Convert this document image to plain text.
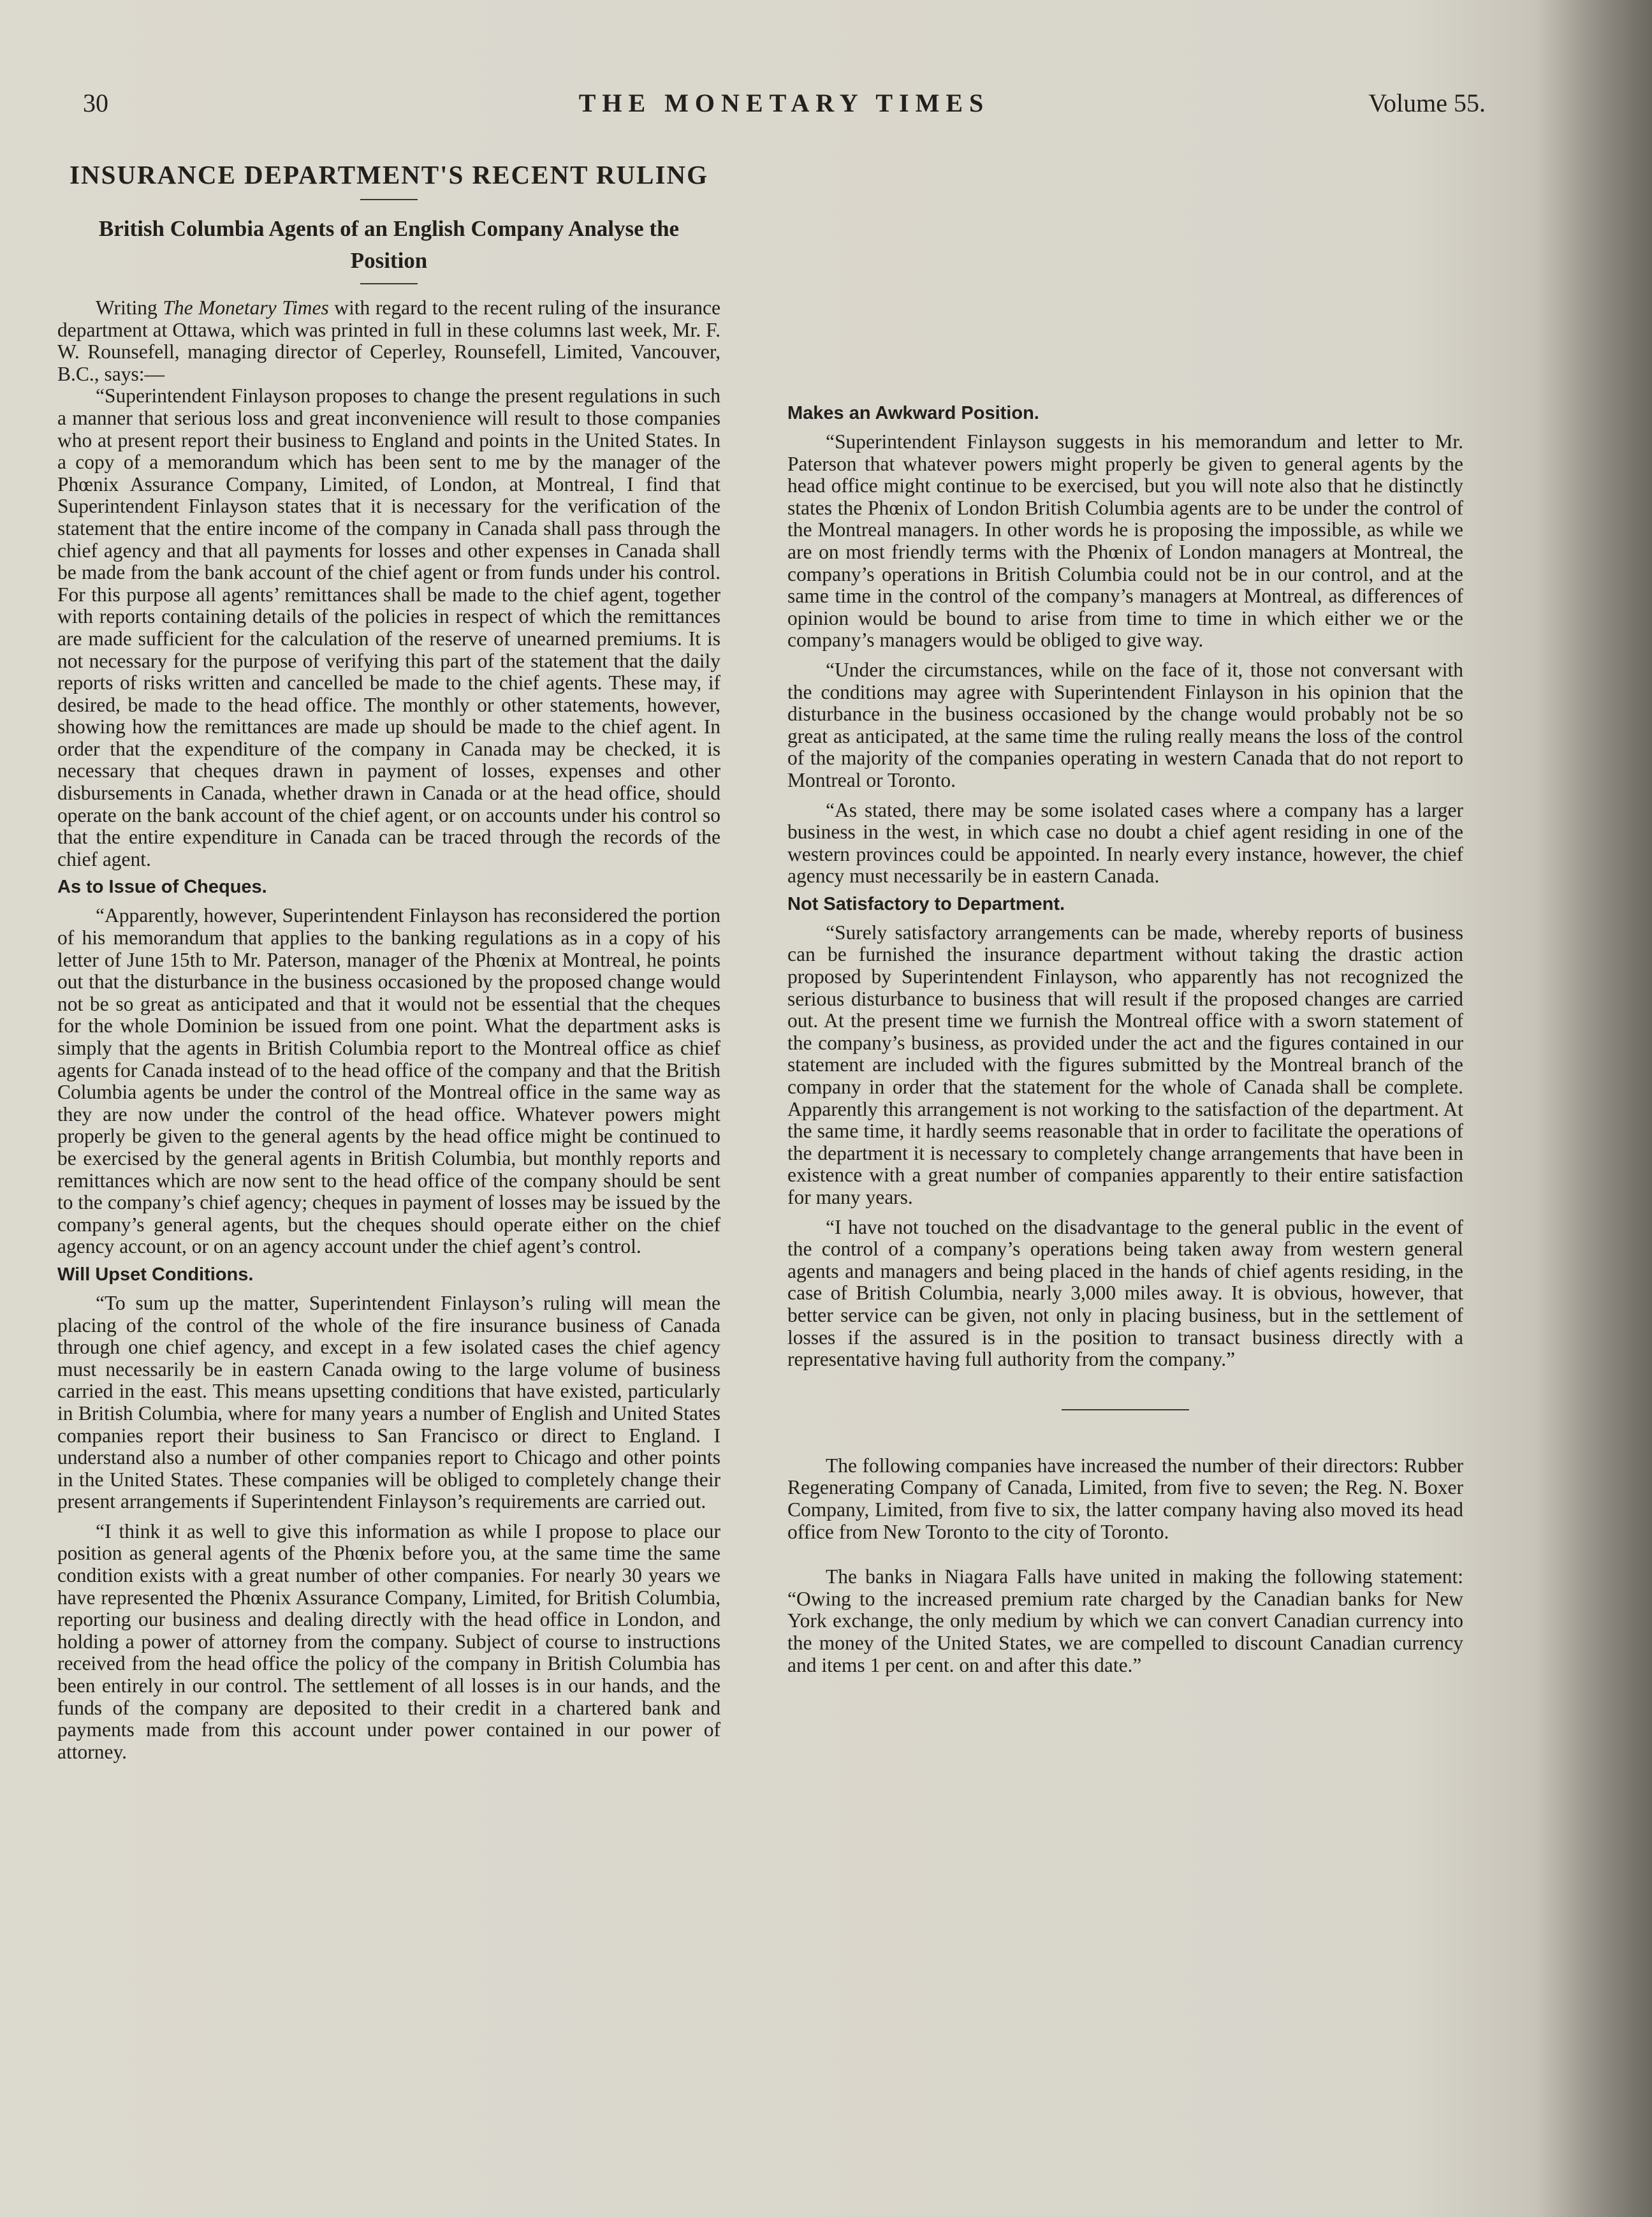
30	THE MONETARY TIMES	Volume 55.
INSURANCE DEPARTMENT'S RECENT RULING
British Columbia Agents of an English Company Analyse the Position

Writing The Monetary Times with regard to the recent ruling of the insurance department at Ottawa, which was printed in full in these columns last week, Mr. F. W. Rounsefell, managing director of Ceperley, Rounsefell, Limited, Vancouver, B.C., says:—

“Superintendent Finlayson proposes to change the present regulations in such a manner that serious loss and great inconvenience will result to those companies who at present report their business to England and points in the United States. In a copy of a memorandum which has been sent to me by the manager of the Phœnix Assurance Company, Limited, of London, at Montreal, I find that Superintendent Finlayson states that it is necessary for the verification of the statement that the entire income of the company in Canada shall pass through the chief agency and that all payments for losses and other expenses in Canada shall be made from the bank account of the chief agent or from funds under his control. For this purpose all agents’ remittances shall be made to the chief agent, together with reports containing details of the policies in respect of which the remittances are made sufficient for the calculation of the reserve of unearned premiums. It is not necessary for the purpose of verifying this part of the statement that the daily reports of risks written and cancelled be made to the chief agents. These may, if desired, be made to the head office. The monthly or other statements, however, showing how the remittances are made up should be made to the chief agent. In order that the expenditure of the company in Canada may be checked, it is necessary that cheques drawn in payment of losses, expenses and other disbursements in Canada, whether drawn in Canada or at the head office, should operate on the bank account of the chief agent, or on accounts under his control so that the entire expenditure in Canada can be traced through the records of the chief agent.

As to Issue of Cheques.

“Apparently, however, Superintendent Finlayson has reconsidered the portion of his memorandum that applies to the banking regulations as in a copy of his letter of June 15th to Mr. Paterson, manager of the Phœnix at Montreal, he points out that the disturbance in the business occasioned by the proposed change would not be so great as anticipated and that it would not be essential that the cheques for the whole Dominion be issued from one point. What the department asks is simply that the agents in British Columbia report to the Montreal office as chief agents for Canada instead of to the head office of the company and that the British Columbia agents be under the control of the Montreal office in the same way as they are now under the control of the head office. Whatever powers might properly be given to the general agents by the head office might be continued to be exercised by the general agents in British Columbia, but monthly reports and remittances which are now sent to the head office of the company should be sent to the company’s chief agency; cheques in payment of losses may be issued by the company’s general agents, but the cheques should operate either on the chief agency account, or on an agency account under the chief agent’s control.

Will Upset Conditions.

“To sum up the matter, Superintendent Finlayson’s ruling will mean the placing of the control of the whole of the fire insurance business of Canada through one chief agency, and except in a few isolated cases the chief agency must necessarily be in eastern Canada owing to the large volume of business carried in the east. This means upsetting conditions that have existed, particularly in British Columbia, where for many years a number of English and United States companies report their business to San Francisco or direct to England. I understand also a number of other companies report to Chicago and other points in the United States. These companies will be obliged to completely change their present arrangements if Superintendent Finlayson’s requirements are carried out.

“I think it as well to give this information as while I propose to place our position as general agents of the Phœnix before you, at the same time the same condition exists with a great number of other companies. For nearly 30 years we have represented the Phœnix Assurance Company, Limited, for British Columbia, reporting our business and dealing directly with the head office in London, and holding a power of attorney from the company. Subject of course to instructions received from the head office the policy of the company in British Columbia has been entirely in our control. The settlement of all losses is in our hands, and the funds of the company are deposited to their credit in a chartered bank and payments made from this account under power contained in our power of attorney.

Makes an Awkward Position.

“Superintendent Finlayson suggests in his memorandum and letter to Mr. Paterson that whatever powers might properly be given to general agents by the head office might continue to be exercised, but you will note also that he distinctly states the Phœnix of London British Columbia agents are to be under the control of the Montreal managers. In other words he is proposing the impossible, as while we are on most friendly terms with the Phœnix of London managers at Montreal, the company’s operations in British Columbia could not be in our control, and at the same time in the control of the company’s managers at Montreal, as differences of opinion would be bound to arise from time to time in which either we or the company’s managers would be obliged to give way.

“Under the circumstances, while on the face of it, those not conversant with the conditions may agree with Superintendent Finlayson in his opinion that the disturbance in the business occasioned by the change would probably not be so great as anticipated, at the same time the ruling really means the loss of the control of the majority of the companies operating in western Canada that do not report to Montreal or Toronto.

“As stated, there may be some isolated cases where a company has a larger business in the west, in which case no doubt a chief agent residing in one of the western provinces could be appointed. In nearly every instance, however, the chief agency must necessarily be in eastern Canada.

Not Satisfactory to Department.

“Surely satisfactory arrangements can be made, whereby reports of business can be furnished the insurance department without taking the drastic action proposed by Superintendent Finlayson, who apparently has not recognized the serious disturbance to business that will result if the proposed changes are carried out. At the present time we furnish the Montreal office with a sworn statement of the company’s business, as provided under the act and the figures contained in our statement are included with the figures submitted by the Montreal branch of the company in order that the statement for the whole of Canada shall be complete. Apparently this arrangement is not working to the satisfaction of the department. At the same time, it hardly seems reasonable that in order to facilitate the operations of the department it is necessary to completely change arrangements that have been in existence with a great number of companies apparently to their entire satisfaction for many years.

“I have not touched on the disadvantage to the general public in the event of the control of a company’s operations being taken away from western general agents and managers and being placed in the hands of chief agents residing, in the case of British Columbia, nearly 3,000 miles away. It is obvious, however, that better service can be given, not only in placing business, but in the settlement of losses if the assured is in the position to transact business directly with a representative having full authority from the company.”

The following companies have increased the number of their directors: Rubber Regenerating Company of Canada, Limited, from five to seven; the Reg. N. Boxer Company, Limited, from five to six, the latter company having also moved its head office from New Toronto to the city of Toronto.

The banks in Niagara Falls have united in making the following statement: “Owing to the increased premium rate charged by the Canadian banks for New York exchange, the only medium by which we can convert Canadian currency into the money of the United States, we are compelled to discount Canadian currency and items 1 per cent. on and after this date.”
